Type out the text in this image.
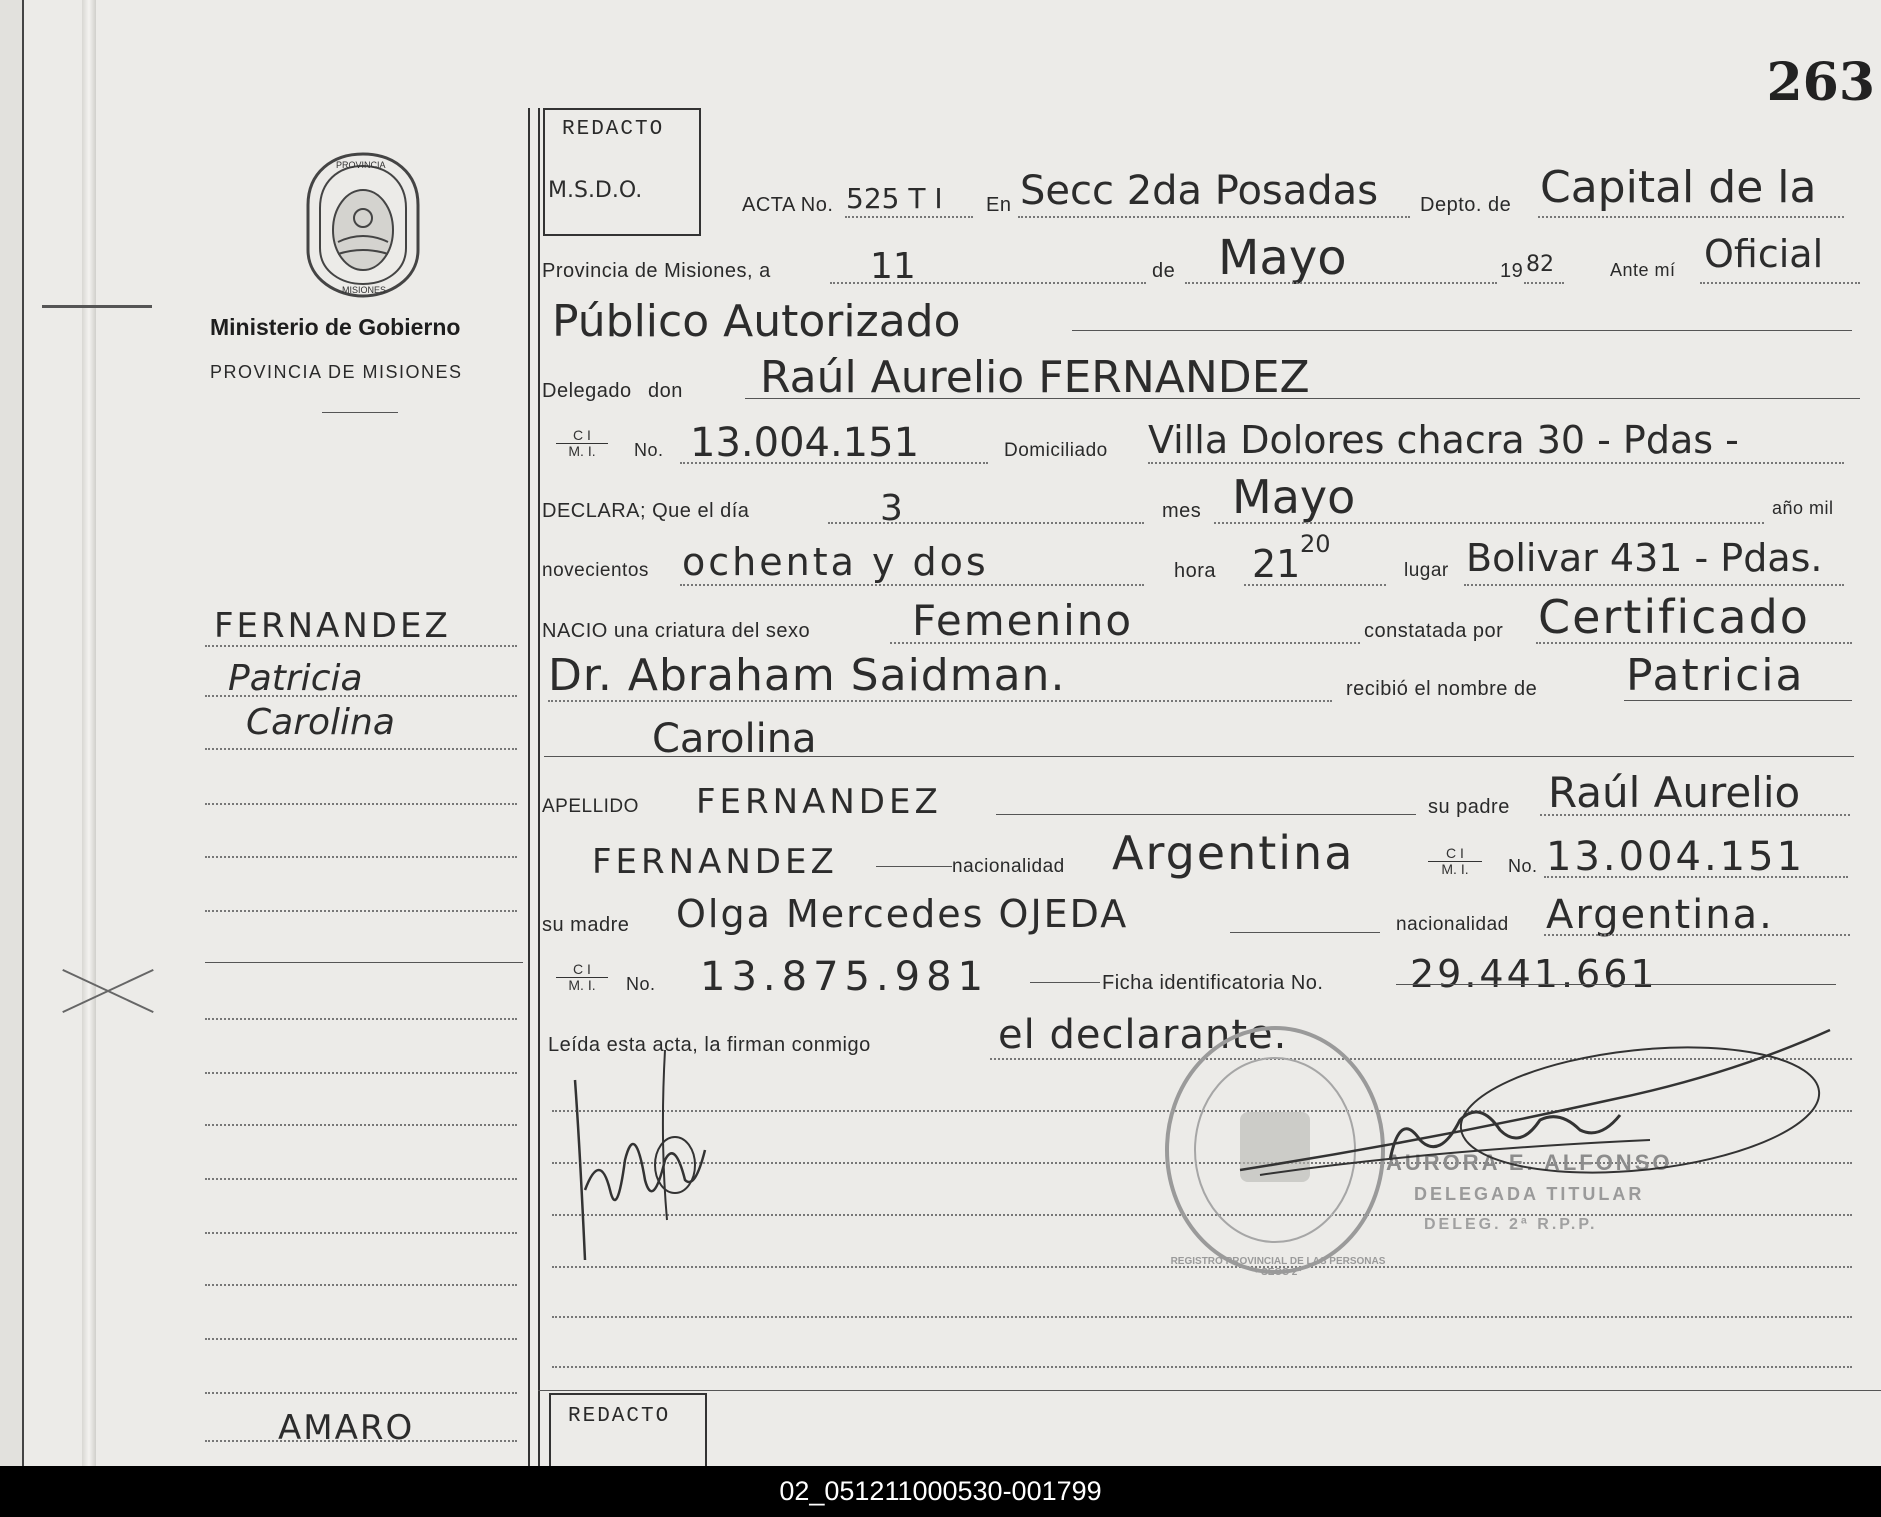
263
PROVINCIA
MISIONES
Ministerio de Gobierno
PROVINCIA DE MISIONES
FERNANDEZ
Patricia
Carolina
AMARO
REDACTO
M.S.D.O.
ACTA No. 525 T I En Secc 2da Posadas Depto. de Capital de la
Provincia de Misiones, a	11	de Mayo	19 82	Ante mí Oficial
Público Autorizado
Delegado don Raúl Aurelio FERNANDEZ
C I
M. I.	No. 13.004.151	Domiciliado Villa Dolores chacra 30 - Pdas -
DECLARA; Que el día	3	mes Mayo	año mil
novecientos ochenta y dos	hora 21 20
lugar Bolivar 431 - Pdas.
NACIO una criatura del sexo Femenino	constatada por Certificado
Dr. Abraham Saidman.	recibió el nombre de Patricia
Carolina
APELLIDO FERNANDEZ	su padre Raúl Aurelio
FERNANDEZ	nacionalidad Argentina	C I
M. I.	No. 13.004.151
su madre Olga Mercedes OJEDA	nacionalidad Argentina.
C I
M. I.	No. 13.875.981	Ficha identificatoria No. 29.441.661
Leída esta acta, la firman conmigo	el declarante.
REGISTRO PROVINCIAL DE LAS PERSONAS · SECC 2ª
AURORA E. ALFONSO
DELEGADA TITULAR
DELEG. 2ª R.P.P.
REDACTO
02_051211000530-001799
